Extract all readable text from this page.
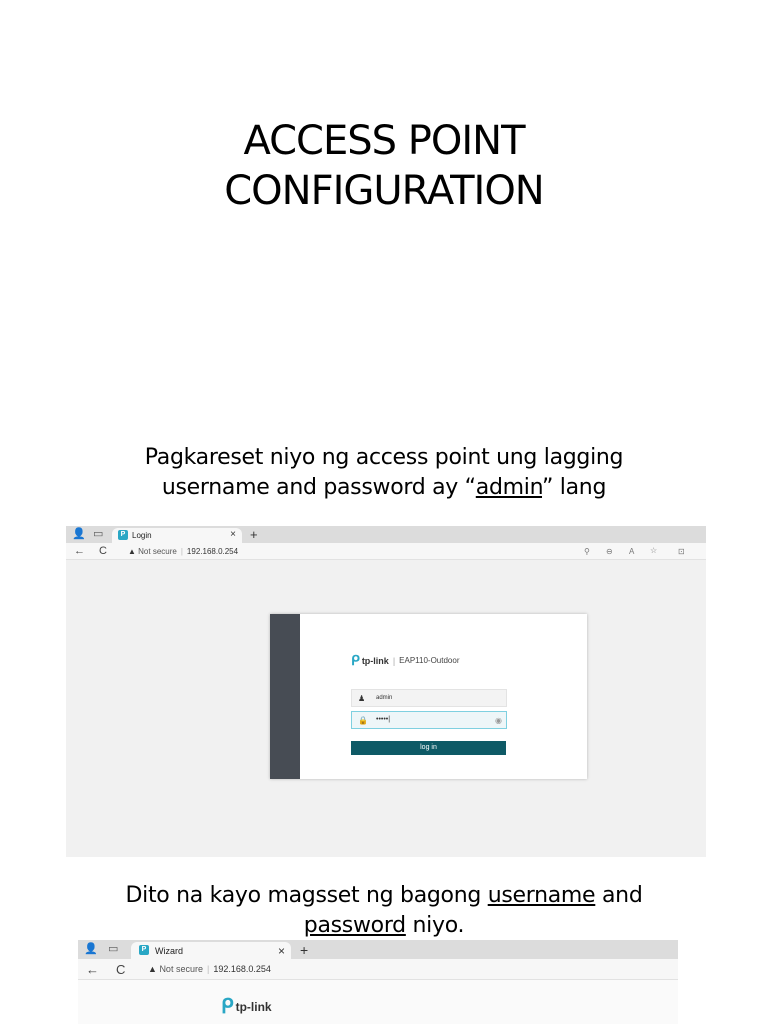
ACCESS POINT
CONFIGURATION
Pagkareset niyo ng access point ung lagging
username and password ay “admin” lang
👤 ▭	P Login	× +
← C	▲ Not secure | 192.168.0.254	⚲ ⊖ A ☆	⊡
ᑭ tp-link | EAP110-Outdoor
♟ admin
🔒 •••••|	◉
log in
Dito na kayo magsset ng bagong username and
password niyo.
👤 ▭	P Wizard	× +
← C	▲ Not secure | 192.168.0.254
ᑭ tp-link
